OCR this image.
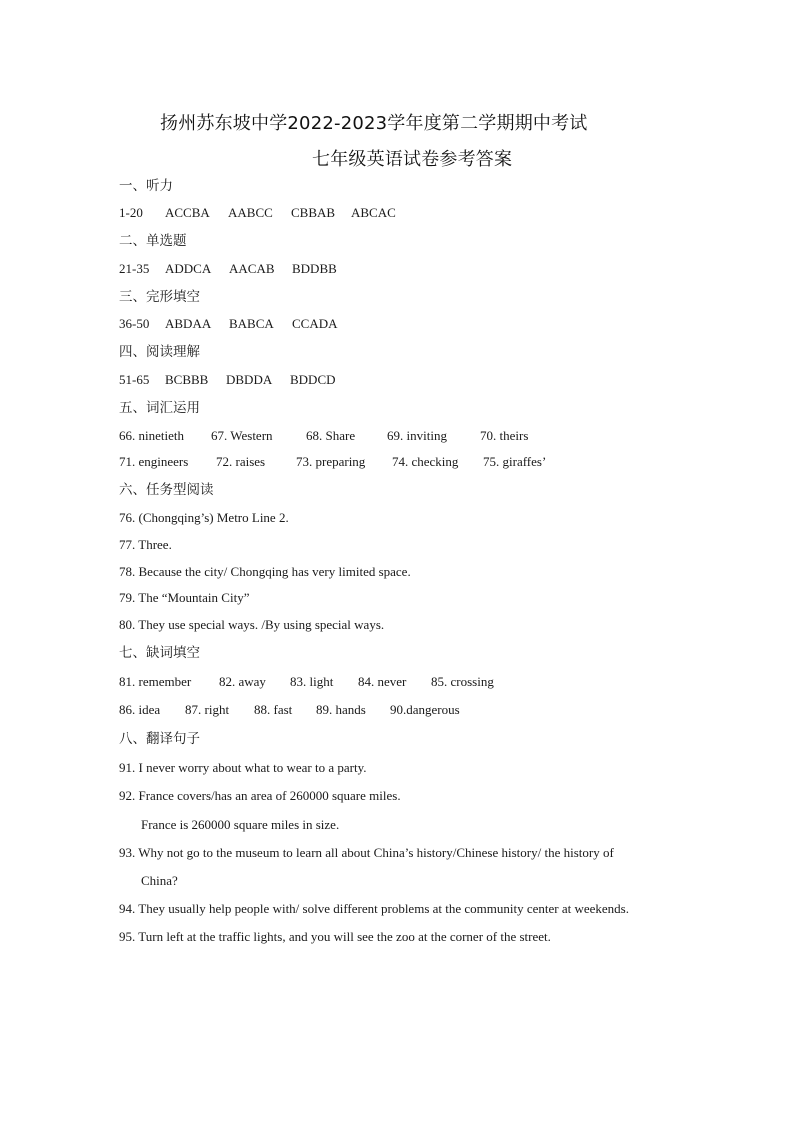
扬州苏东坡中学2022-2023学年度第二学期期中考试
七年级英语试卷参考答案
一、听力
1-20 ACCBA AABCC CBBAB ABCAC
二、单选题
21-35 ADDCA AACAB BDDBB
三、完形填空
36-50 ABDAA BABCA CCADA
四、阅读理解
51-65 BCBBB DBDDA BDDCD
五、词汇运用
66. ninetieth 67. Western	68. Share 69. inviting	70. theirs
71. engineers 72. raises 73. preparing 74. checking 75. giraffes’
六、任务型阅读
76. (Chongqing’s) Metro Line 2.
77. Three.
78. Because the city/ Chongqing has very limited space.
79. The “Mountain City”
80. They use special ways. /By using special ways.
七、缺词填空
81. remember 82. away 83. light 84. never 85. crossing
86. idea 87. right 88. fast 89. hands 90.dangerous
八、翻译句子
91. I never worry about what to wear to a party.
92. France covers/has an area of 260000 square miles.
France is 260000 square miles in size.
93. Why not go to the museum to learn all about China’s history/Chinese history/ the history of
China?
94. They usually help people with/ solve different problems at the community center at weekends.
95. Turn left at the traffic lights, and you will see the zoo at the corner of the street.
